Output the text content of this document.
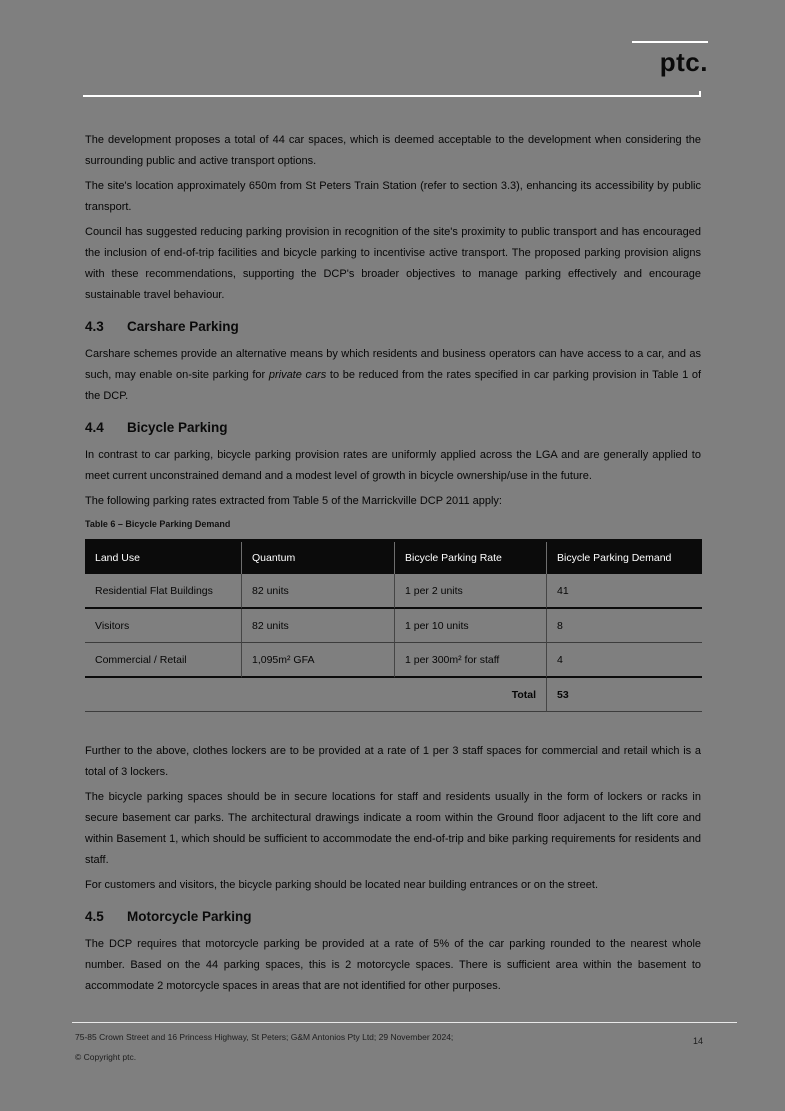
ptc.

The development proposes a total of 44 car spaces, which is deemed acceptable to the development when considering the surrounding public and active transport options.

The site's location approximately 650m from St Peters Train Station (refer to section 3.3), enhancing its accessibility by public transport.

Council has suggested reducing parking provision in recognition of the site's proximity to public transport and has encouraged the inclusion of end-of-trip facilities and bicycle parking to incentivise active transport. The proposed parking provision aligns with these recommendations, supporting the DCP's broader objectives to manage parking effectively and encourage sustainable travel behaviour.

4.3	Carshare Parking

Carshare schemes provide an alternative means by which residents and business operators can have access to a car, and as such, may enable on-site parking for private cars to be reduced from the rates specified in car parking provision in Table 1 of the DCP.

4.4	Bicycle Parking

In contrast to car parking, bicycle parking provision rates are uniformly applied across the LGA and are generally applied to meet current unconstrained demand and a modest level of growth in bicycle ownership/use in the future.

The following parking rates extracted from Table 5 of the Marrickville DCP 2011 apply:

Table 6 – Bicycle Parking Demand
Land Use	Quantum	Bicycle Parking Rate	Bicycle Parking Demand
Residential Flat Buildings	82 units	1 per 2 units	41
Visitors	82 units	1 per 10 units	8
Commercial / Retail	1,095m² GFA	1 per 300m² for staff	4
Total	53

Further to the above, clothes lockers are to be provided at a rate of 1 per 3 staff spaces for commercial and retail which is a total of 3 lockers.

The bicycle parking spaces should be in secure locations for staff and residents usually in the form of lockers or racks in secure basement car parks. The architectural drawings indicate a room within the Ground floor adjacent to the lift core and within Basement 1, which should be sufficient to accommodate the end-of-trip and bike parking requirements for residents and staff.

For customers and visitors, the bicycle parking should be located near building entrances or on the street.

4.5	Motorcycle Parking

The DCP requires that motorcycle parking be provided at a rate of 5% of the car parking rounded to the nearest whole number. Based on the 44 parking spaces, this is 2 motorcycle spaces. There is sufficient area within the basement to accommodate 2 motorcycle spaces in areas that are not identified for other purposes.

75-85 Crown Street and 16 Princess Highway, St Peters; G&M Antonios Pty Ltd; 29 November 2024;
© Copyright ptc.
14
